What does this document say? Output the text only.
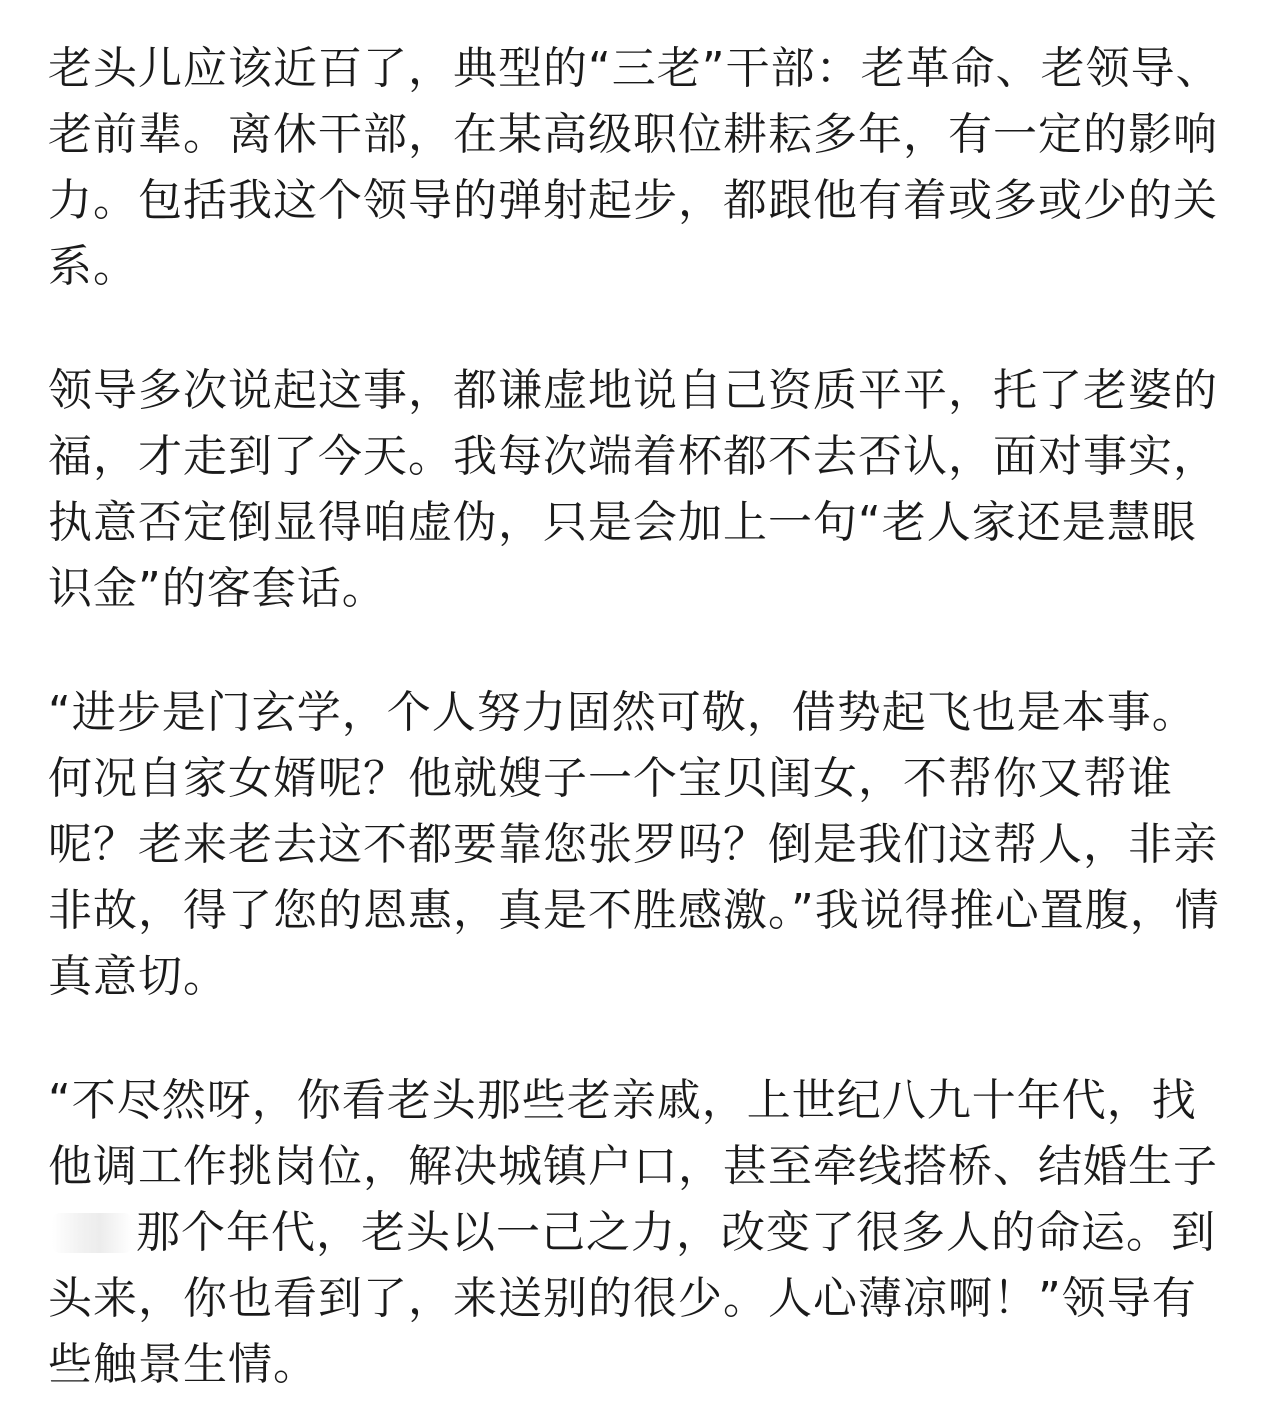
老头儿应该近百了，典型的“三老”干部：老革命、老领导、老前辈。离休干部，在某高级职位耕耘多年，有一定的影响力。包括我这个领导的弹射起步，都跟他有着或多或少的关系。

领导多次说起这事，都谦虚地说自己资质平平，托了老婆的福，才走到了今天。我每次端着杯都不去否认，面对事实，执意否定倒显得咱虚伪，只是会加上一句“老人家还是慧眼识金”的客套话。

“进步是门玄学，个人努力固然可敬，借势起飞也是本事。何况自家女婿呢？他就嫂子一个宝贝闺女，不帮你又帮谁呢？老来老去这不都要靠您张罗吗？倒是我们这帮人，非亲非故，得了您的恩惠，真是不胜感激。”我说得推心置腹，情真意切。

“不尽然呀，你看老头那些老亲戚，上世纪八九十年代，找他调工作挑岗位，解决城镇户口，甚至牵线搭桥、结婚生子那个年代，老头以一己之力，改变了很多人的命运。到头来，你也看到了，来送别的很少。人心薄凉啊！”领导有些触景生情。
